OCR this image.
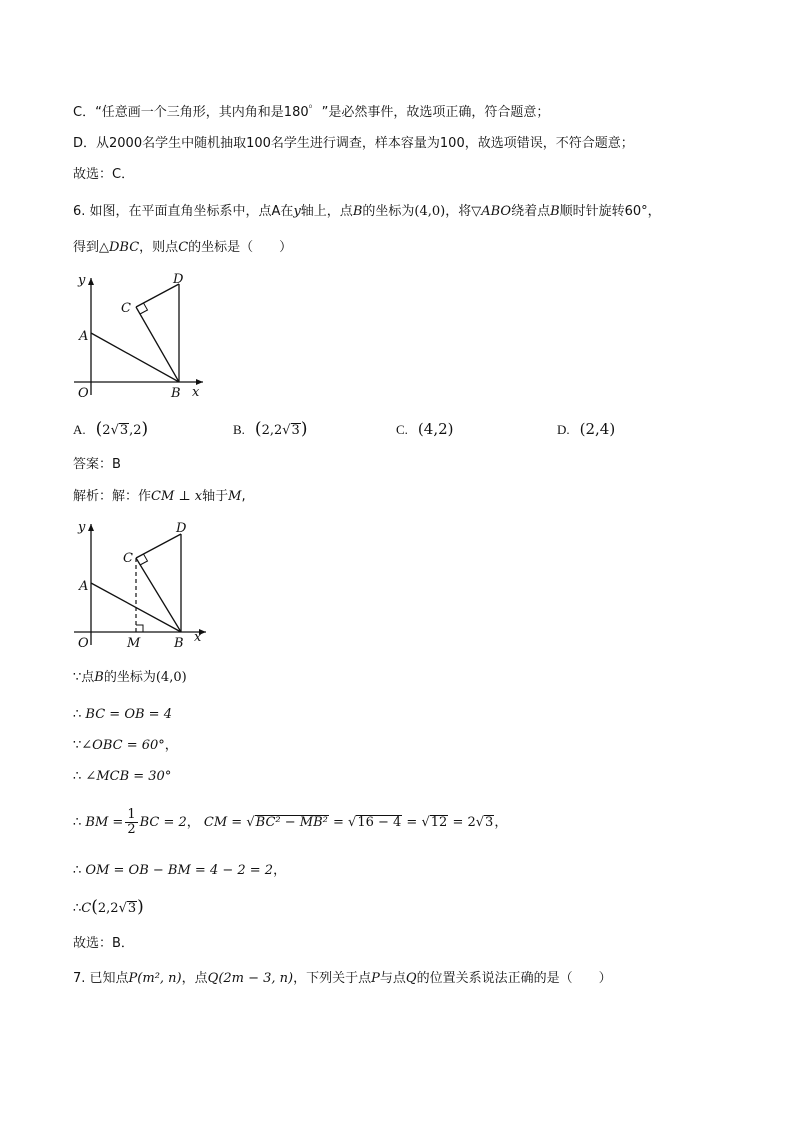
C．“任意画一个三角形，其内角和是180゜”是必然事件，故选项正确，符合题意；
D．从2000名学生中随机抽取100名学生进行调查，样本容量为100，故选项错误，不符合题意；
故选：C．
6. 如图，在平面直角坐标系中，点A在y轴上，点B的坐标为(4,0)，将▽ABO绕着点B顺时针旋转60°，
得到△DBC，则点C的坐标是（　　）
y
x
O
A
B
C
D
A. (2√3,2)	B. (2,2√3)	C. (4,2)	D. (2,4)
答案：B
解析：解：作CM ⊥ x轴于M,
y
x
O
A
M	B
C
D
∵点B的坐标为(4,0)
∴ BC = OB = 4
∵∠OBC = 60°，
∴ ∠MCB = 30°
∴ BM = $\frac{1}{2}$ BC = 2， CM = √BC² − MB² = √16 − 4 = √12 = 2√3，
∴ OM = OB − BM = 4 − 2 = 2，
∴C(2,2√3)
故选：B．
7. 已知点P(m², n)，点Q(2m − 3, n)，下列关于点P与点Q的位置关系说法正确的是（　　）
